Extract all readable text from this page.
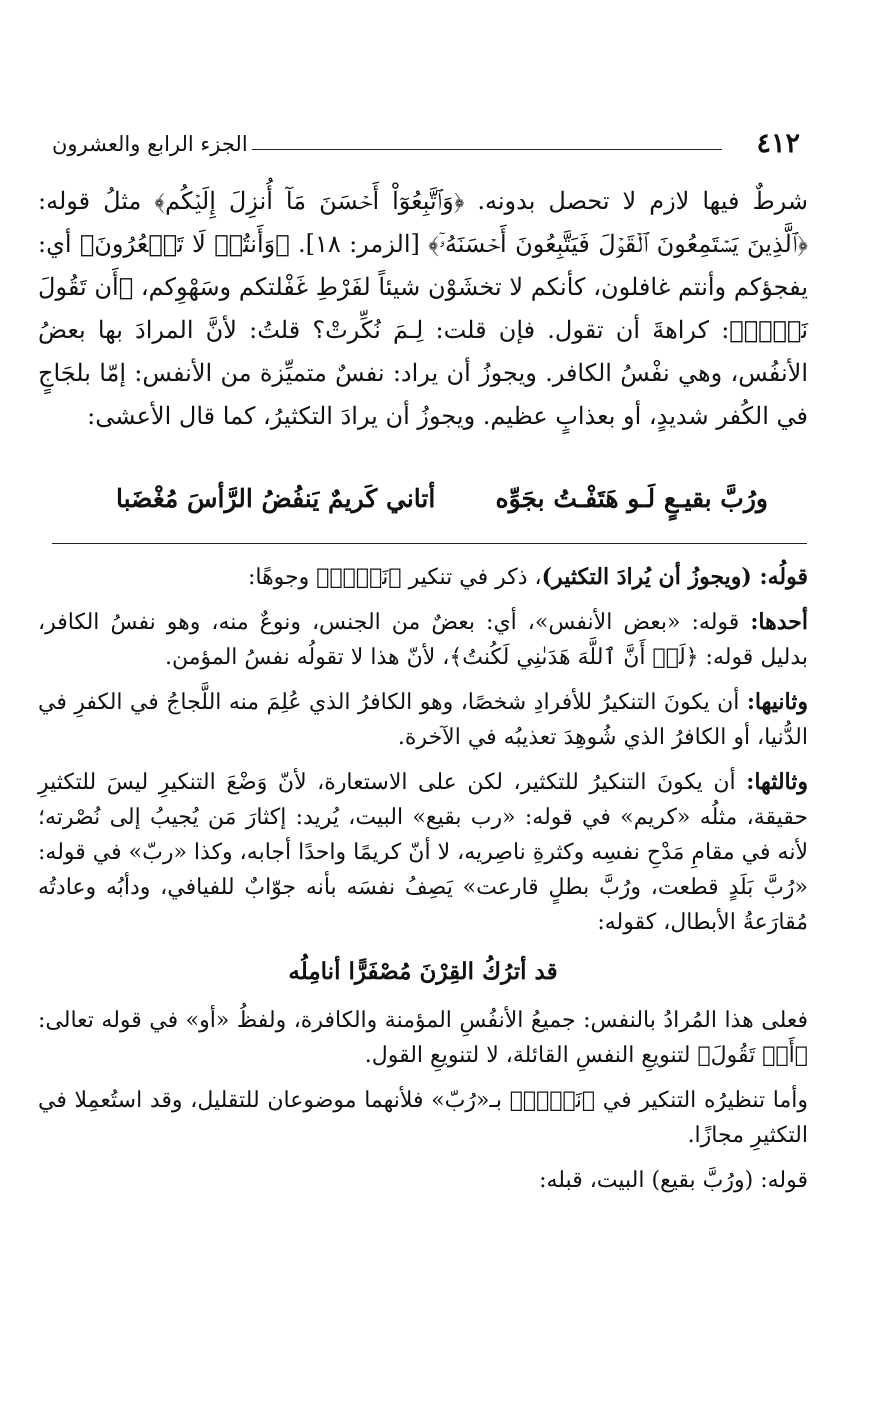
٤١٢
الجزء الرابع والعشرون

شرطٌ فيها لازم لا تحصل بدونه. ﴿وَٱتَّبِعُوٓاْ أَحۡسَنَ مَآ أُنزِلَ إِلَيۡكُم﴾ مثلُ قوله: ﴿ٱلَّذِينَ يَسۡتَمِعُونَ ٱلۡقَوۡلَ فَيَتَّبِعُونَ أَحۡسَنَهُۥٓ﴾ [الزمر: ١٨]. ﴿وَأَنتُمۡ لَا تَشۡعُرُونَ﴾ أي: يفجؤكم وأنتم غافلون، كأنكم لا تخشَوْن شيئاً لفَرْطِ غَفْلتكم وسَهْوِكم، ﴿أَن تَقُولَ نَفۡسٞ﴾: كراهةَ أن تقول. فإن قلت: لِـمَ نُكِّرتْ؟ قلتُ: لأنَّ المرادَ بها بعضُ الأنفُس، وهي نفْسُ الكافر. ويجوزُ أن يراد: نفسٌ متميِّزة من الأنفس: إمّا بلجَاجٍ في الكُفر شديدٍ، أو بعذابٍ عظيم. ويجوزُ أن يرادَ التكثيرُ، كما قال الأعشى:

ورُبَّ بقيـعٍ لَـو هَتَفْـتُ بجَوِّه
أتاني كَريمٌ يَنفُضُ الرَّأسَ مُغْضَبا

قولُه: (ويجوزُ أن يُرادَ التكثير)، ذكر في تنكير ﴿نَفۡسٞ﴾ وجوهًا:

أحدها: قوله: «بعض الأنفس»، أي: بعضٌ من الجنس، ونوعٌ منه، وهو نفسُ الكافر، بدليل قوله: ﴿لَوۡ أَنَّ ٱللَّهَ هَدَىٰنِي لَكُنتُ﴾، لأنّ هذا لا تقولُه نفسُ المؤمن.

وثانيها: أن يكونَ التنكيرُ للأفرادِ شخصًا، وهو الكافرُ الذي عُلِمَ منه اللَّجاجُ في الكفرِ في الدُّنيا، أو الكافرُ الذي شُوهِدَ تعذيبُه في الآخرة.

وثالثها: أن يكونَ التنكيرُ للتكثير، لكن على الاستعارة، لأنّ وَضْعَ التنكيرِ ليسَ للتكثيرِ حقيقة، مثلُه «كريم» في قوله: «رب بقيع» البيت، يُريد: إكثارَ مَن يُجيبُ إلى نُصْرته؛ لأنه في مقامِ مَدْحِ نفسِه وكثرةِ ناصِريه، لا أنّ كريمًا واحدًا أجابه، وكذا «ربّ» في قوله: «رُبَّ بَلَدٍ قطعت، ورُبَّ بطلٍ قارعت» يَصِفُ نفسَه بأنه جوّابٌ للفيافي، ودأبُه وعادتُه مُقارَعةُ الأبطال، كقوله:

قد أترُكُ القِرْنَ مُصْفَرًّا أنامِلُه

فعلى هذا المُرادُ بالنفس: جميعُ الأنفُسِ المؤمنة والكافرة، ولفظُ «أو» في قوله تعالى: ﴿أَوۡ تَقُولَ﴾ لتنويعِ النفسِ القائلة، لا لتنويعِ القول.

وأما تنظيرُه التنكير في ﴿نَفۡسٞ﴾ بـ«رُبّ» فلأنهما موضوعان للتقليل، وقد استُعمِلا في التكثيرِ مجازًا.

قوله: (ورُبَّ بقيع) البيت، قبله:
